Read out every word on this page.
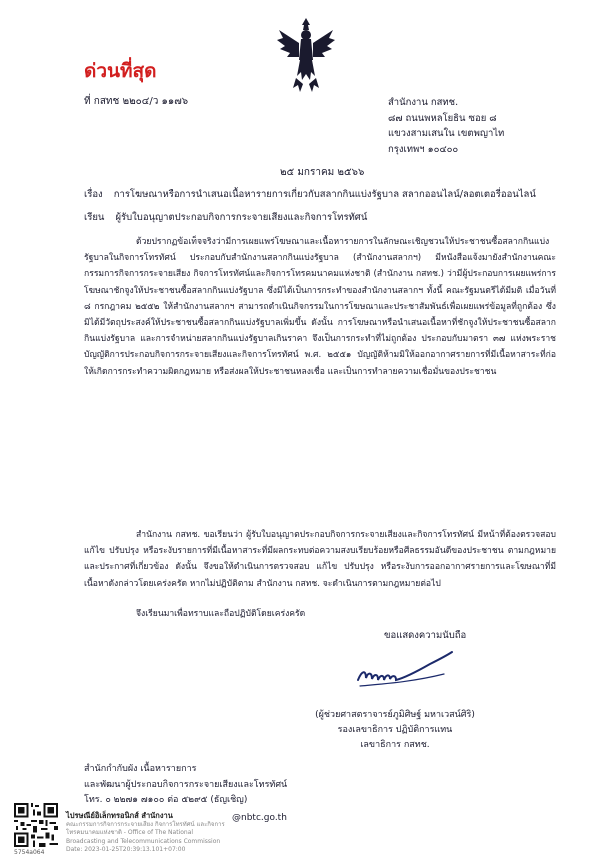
ด่วนที่สุด
ที่ กสทช ๒๒๐๔/ว ๑๑๗๖	สำนักงาน กสทช.
๘๗ ถนนพหลโยธิน ซอย ๘
แขวงสามเสนใน เขตพญาไท
กรุงเทพฯ ๑๐๔๐๐
๒๕ มกราคม ๒๕๖๖
เรื่อง การโฆษณาหรือการนำเสนอเนื้อหารายการเกี่ยวกับสลากกินแบ่งรัฐบาล สลากออนไลน์/ลอตเตอรี่ออนไลน์
เรียน ผู้รับใบอนุญาตประกอบกิจการกระจายเสียงและกิจการโทรทัศน์

ด้วยปรากฏข้อเท็จจริงว่ามีการเผยแพร่โฆษณาและเนื้อหารายการในลักษณะเชิญชวนให้ประชาชนซื้อสลากกินแบ่งรัฐบาลในกิจการโทรทัศน์ ประกอบกับสำนักงานสลากกินแบ่งรัฐบาล (สำนักงานสลากฯ) มีหนังสือแจ้งมายังสำนักงานคณะกรรมการกิจการกระจายเสียง กิจการโทรทัศน์และกิจการโทรคมนาคมแห่งชาติ (สำนักงาน กสทช.) ว่ามีผู้ประกอบการเผยแพร่การโฆษณาชักจูงให้ประชาชนซื้อสลากกินแบ่งรัฐบาล ซึ่งมิได้เป็นการกระทำของสำนักงานสลากฯ ทั้งนี้ คณะรัฐมนตรีได้มีมติ เมื่อวันที่ ๘ กรกฎาคม ๒๕๕๒ ให้สำนักงานสลากฯ สามารถดำเนินกิจกรรมในการโฆษณาและประชาสัมพันธ์เพื่อเผยแพร่ข้อมูลที่ถูกต้อง ซึ่งมิได้มีวัตถุประสงค์ให้ประชาชนซื้อสลากกินแบ่งรัฐบาลเพิ่มขึ้น ดังนั้น การโฆษณาหรือนำเสนอเนื้อหาที่ชักจูงให้ประชาชนซื้อสลากกินแบ่งรัฐบาล และการจำหน่ายสลากกินแบ่งรัฐบาลเกินราคา จึงเป็นการกระทำที่ไม่ถูกต้อง ประกอบกับมาตรา ๓๗ แห่งพระราชบัญญัติการประกอบกิจการกระจายเสียงและกิจการโทรทัศน์ พ.ศ. ๒๕๕๑ บัญญัติห้ามมิให้ออกอากาศรายการที่มีเนื้อหาสาระที่ก่อให้เกิดการกระทำความผิดกฎหมาย หรือส่งผลให้ประชาชนหลงเชื่อ และเป็นการทำลายความเชื่อมั่นของประชาชน

สำนักงาน กสทช. ขอเรียนว่า ผู้รับใบอนุญาตประกอบกิจการกระจายเสียงและกิจการโทรทัศน์ มีหน้าที่ต้องตรวจสอบ แก้ไข ปรับปรุง หรือระงับรายการที่มีเนื้อหาสาระที่มีผลกระทบต่อความสงบเรียบร้อยหรือศีลธรรมอันดีของประชาชน ตามกฎหมายและประกาศที่เกี่ยวข้อง ดังนั้น จึงขอให้ดำเนินการตรวจสอบ แก้ไข ปรับปรุง หรือระงับการออกอากาศรายการและโฆษณาที่มีเนื้อหาดังกล่าวโดยเคร่งครัด หากไม่ปฏิบัติตาม สำนักงาน กสทช. จะดำเนินการตามกฎหมายต่อไป

จึงเรียนมาเพื่อทราบและถือปฏิบัติโดยเคร่งครัด

ขอแสดงความนับถือ
(ผู้ช่วยศาสตราจารย์ภูมิศิษฐ์ มหาเวสน์ศิริ)
รองเลขาธิการ ปฏิบัติการแทน
เลขาธิการ กสทช.
สำนักกำกับผัง เนื้อหารายการ
และพัฒนาผู้ประกอบกิจการกระจายเสียงและโทรทัศน์
โทร. ๐ ๒๒๗๑ ๗๑๐๐ ต่อ ๕๒๙๕ (ธัญเชิญ)
5754a064
ไปรษณีย์อิเล็กทรอนิกส์ สำนักงาน
คณะกรรมการกิจการกระจายเสียง กิจการโทรทัศน์ และกิจการโทรคมนาคมแห่งชาติ - Office of The National Broadcasting and Telecommunications Commission
Date: 2023-01-25T20:39:13.101+07:00
@nbtc.go.th
